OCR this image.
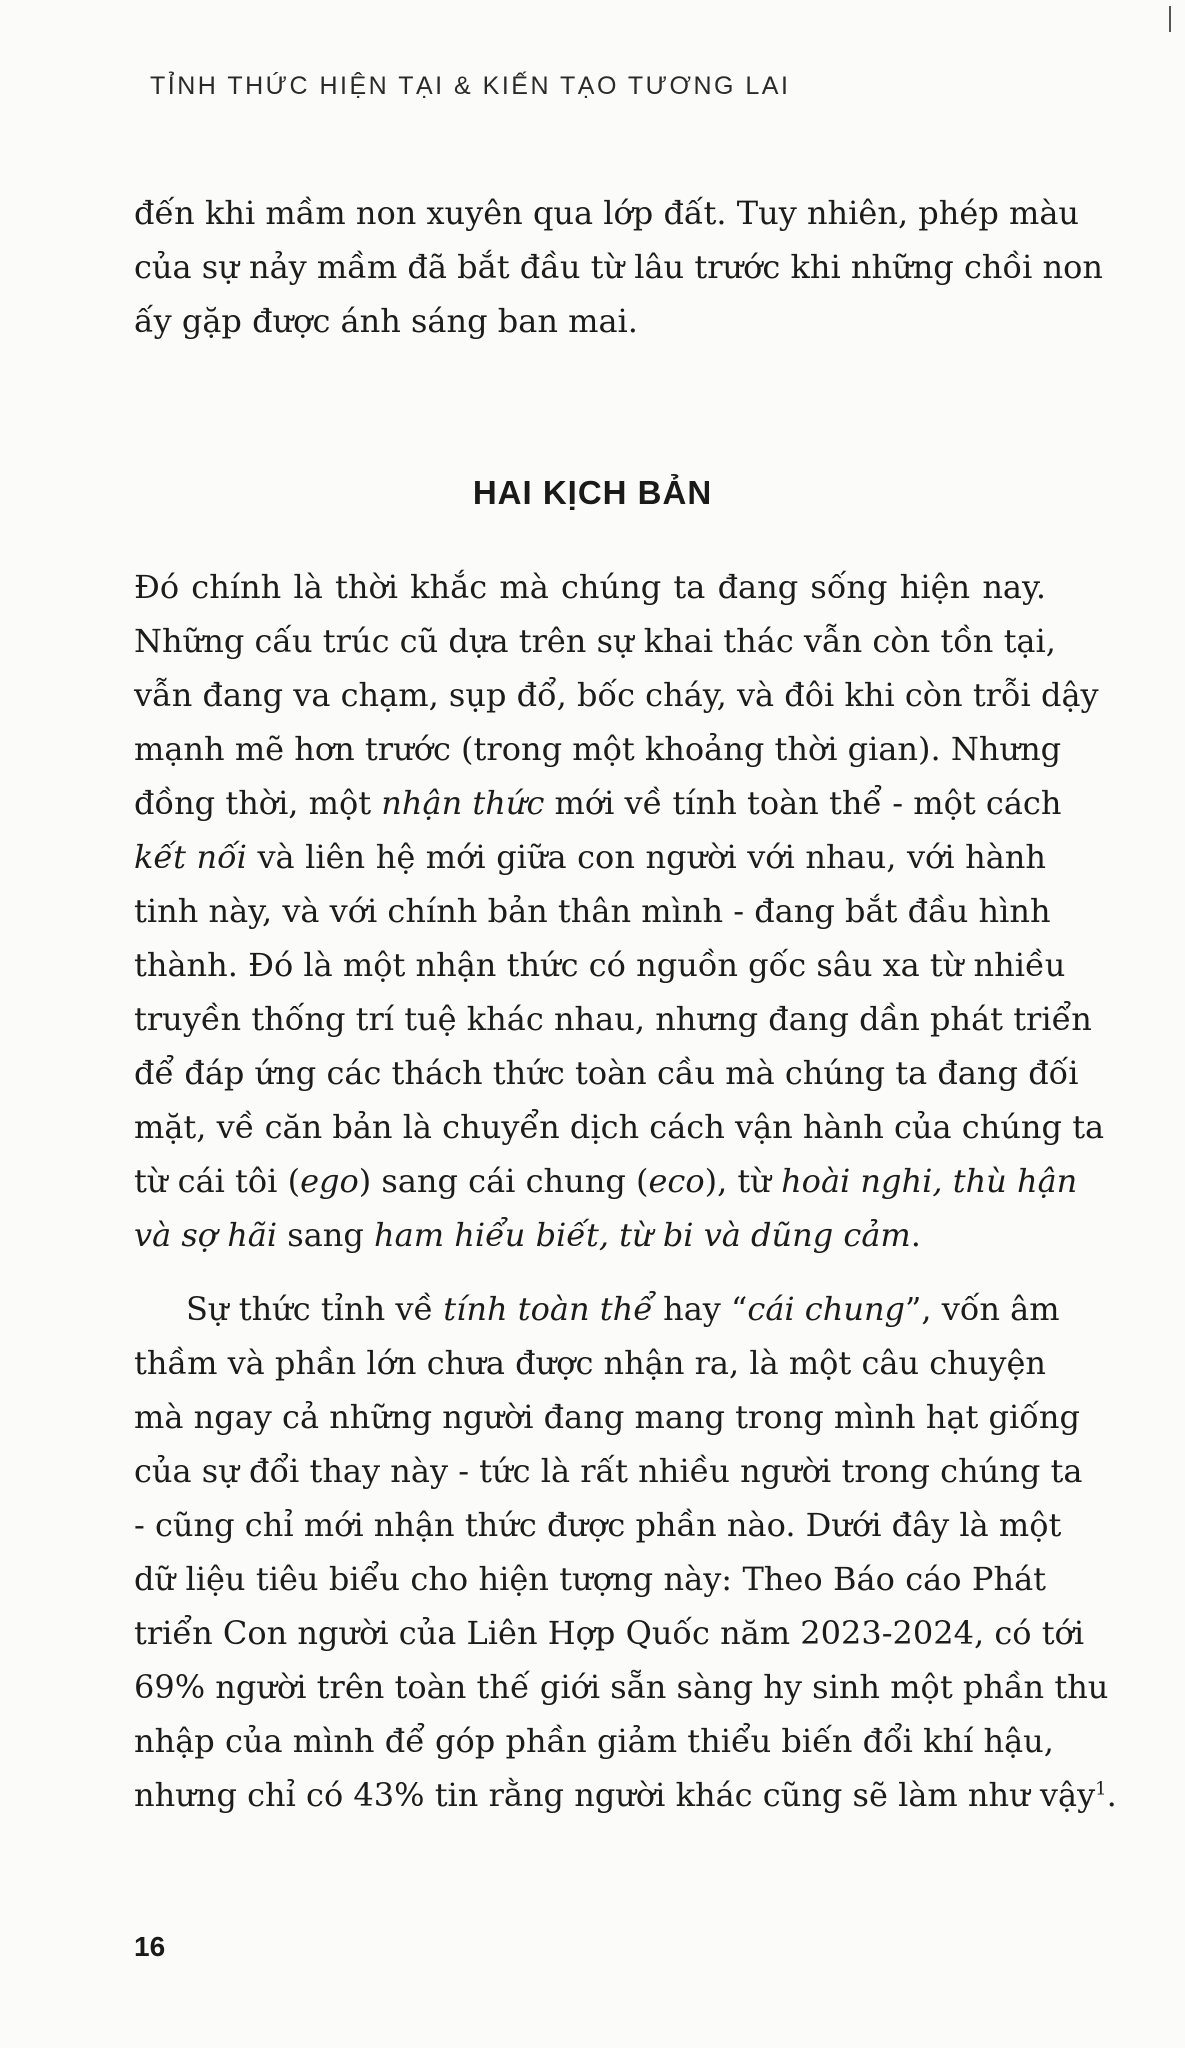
TỈNH THỨC HIỆN TẠI & KIẾN TẠO TƯƠNG LAI

đến khi mầm non xuyên qua lớp đất. Tuy nhiên, phép màu
của sự nảy mầm đã bắt đầu từ lâu trước khi những chồi non
ấy gặp được ánh sáng ban mai.

HAI KỊCH BẢN

Đó chính là thời khắc mà chúng ta đang sống hiện nay.
Những cấu trúc cũ dựa trên sự khai thác vẫn còn tồn tại,
vẫn đang va chạm, sụp đổ, bốc cháy, và đôi khi còn trỗi dậy
mạnh mẽ hơn trước (trong một khoảng thời gian). Nhưng
đồng thời, một nhận thức mới về tính toàn thể - một cách
kết nối và liên hệ mới giữa con người với nhau, với hành
tinh này, và với chính bản thân mình - đang bắt đầu hình
thành. Đó là một nhận thức có nguồn gốc sâu xa từ nhiều
truyền thống trí tuệ khác nhau, nhưng đang dần phát triển
để đáp ứng các thách thức toàn cầu mà chúng ta đang đối
mặt, về căn bản là chuyển dịch cách vận hành của chúng ta
từ cái tôi (ego) sang cái chung (eco), từ hoài nghi, thù hận
và sợ hãi sang ham hiểu biết, từ bi và dũng cảm.

Sự thức tỉnh về tính toàn thể hay “cái chung”, vốn âm
thầm và phần lớn chưa được nhận ra, là một câu chuyện
mà ngay cả những người đang mang trong mình hạt giống
của sự đổi thay này - tức là rất nhiều người trong chúng ta
- cũng chỉ mới nhận thức được phần nào. Dưới đây là một
dữ liệu tiêu biểu cho hiện tượng này: Theo Báo cáo Phát
triển Con người của Liên Hợp Quốc năm 2023-2024, có tới
69% người trên toàn thế giới sẵn sàng hy sinh một phần thu
nhập của mình để góp phần giảm thiểu biến đổi khí hậu,
nhưng chỉ có 43% tin rằng người khác cũng sẽ làm như vậy$^1$.

16
